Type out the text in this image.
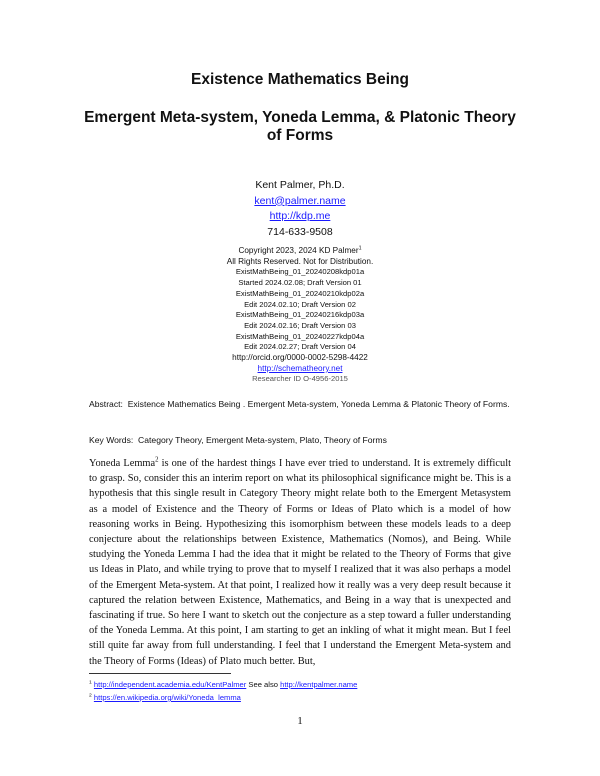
Existence Mathematics Being
Emergent Meta-system, Yoneda Lemma, & Platonic Theory
of Forms
Kent Palmer, Ph.D.
kent@palmer.name
http://kdp.me
714-633-9508
Copyright 2023, 2024 KD Palmer$^1$
All Rights Reserved. Not for Distribution.
ExistMathBeing_01_20240208kdp01a
Started 2024.02.08; Draft Version 01
ExistMathBeing_01_20240210kdp02a
Edit 2024.02.10; Draft Version 02
ExistMathBeing_01_20240216kdp03a
Edit 2024.02.16; Draft Version 03
ExistMathBeing_01_20240227kdp04a
Edit 2024.02.27; Draft Version 04
http://orcid.org/0000-0002-5298-4422
http://schematheory.net
Researcher ID O-4956-2015
Abstract: Existence Mathematics Being . Emergent Meta-system, Yoneda Lemma & Platonic Theory of Forms.
Key Words: Category Theory, Emergent Meta-system, Plato, Theory of Forms

Yoneda Lemma$^2$ is one of the hardest things I have ever tried to understand. It is extremely difficult to grasp. So, consider this an interim report on what its philosophical significance might be. This is a hypothesis that this single result in Category Theory might relate both to the Emergent Metasystem as a model of Existence and the Theory of Forms or Ideas of Plato which is a model of how reasoning works in Being. Hypothesizing this isomorphism between these models leads to a deep conjecture about the relationships between Existence, Mathematics (Nomos), and Being. While studying the Yoneda Lemma I had the idea that it might be related to the Theory of Forms that give us Ideas in Plato, and while trying to prove that to myself I realized that it was also perhaps a model of the Emergent Meta-system. At that point, I realized how it really was a very deep result because it captured the relation between Existence, Mathematics, and Being in a way that is unexpected and fascinating if true. So here I want to sketch out the conjecture as a step toward a fuller understanding of the Yoneda Lemma. At this point, I am starting to get an inkling of what it might mean. But I feel still quite far away from full understanding. I feel that I understand the Emergent Meta-system and the Theory of Forms (Ideas) of Plato much better. But,

$^1$ http://independent.academia.edu/KentPalmer See also http://kentpalmer.name
$^2$ https://en.wikipedia.org/wiki/Yoneda_lemma
1
